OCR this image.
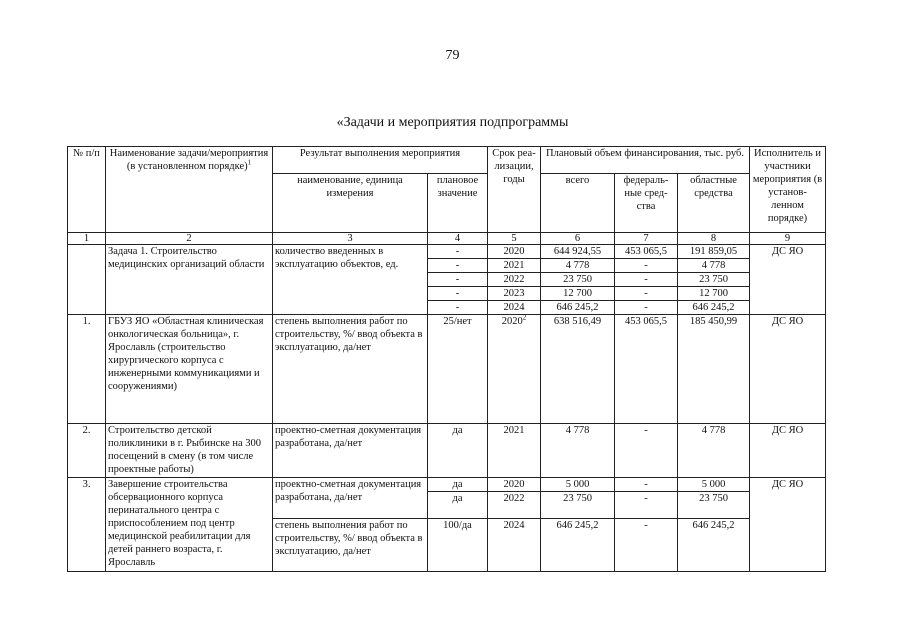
79
«Задачи и мероприятия подпрограммы
№ п/п	Наименование задачи/мероприятия (в установленном порядке)$^1$	Результат выполнения мероприятия		Срок реа-лизации, годы	Плановый объем финансирования, тыс. руб.			Исполнитель и участники мероприятия (в установ-ленном порядке)
		наименование, единица измерения	плановое значение		всего	федераль-ные сред-ства	областные средства	
1	2	3	4	5	6	7	8	9
	Задача 1. Строительство медицинских организаций области	количество введенных в эксплуатацию объектов, ед.	-	2020	644 924,55	453 065,5	191 859,05	ДС ЯО
			-	2021	4 778	-	4 778	
			-	2022	23 750	-	23 750	
			-	2023	12 700	-	12 700	
			-	2024	646 245,2	-	646 245,2	
1.	ГБУЗ ЯО «Областная клиническая онкологическая больница», г. Ярославль (строительство хирургического корпуса с инженерными коммуникациями и сооружениями)	степень выполнения работ по строительству, %/ ввод объекта в эксплуатацию, да/нет	25/нет	2020$^2$	638 516,49	453 065,5	185 450,99	ДС ЯО
2.	Строительство детской поликлиники в г. Рыбинске на 300 посещений в смену (в том числе проектные работы)	проектно-сметная документация разработана, да/нет	да	2021	4 778	-	4 778	ДС ЯО
3.	Завершение строительства обсервационного корпуса перинатального центра с приспособлением под центр медицинской реабилитации для детей раннего возраста, г. Ярославль	проектно-сметная документация разработана, да/нет	да	2020	5 000	-	5 000	ДС ЯО
			да	2022	23 750	-	23 750	
		степень выполнения работ по строительству, %/ ввод объекта в эксплуатацию, да/нет	100/да	2024	646 245,2	-	646 245,2	
